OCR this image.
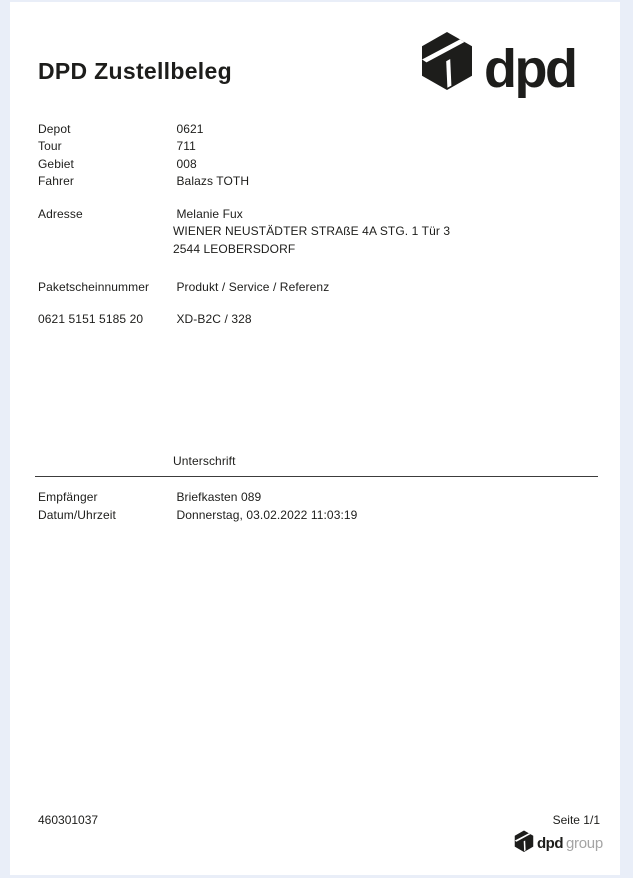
DPD Zustellbeleg	dpd
Depot	0621
Tour	711
Gebiet	008
Fahrer	Balazs TOTH
Adresse	Melanie Fux
WIENER NEUSTÄDTER STRAßE 4A STG. 1 Tür 3
2544 LEOBERSDORF
Paketscheinnummer Produkt / Service / Referenz
0621 5151 5185 20	XD-B2C / 328
Unterschrift
Empfänger	Briefkasten 089
Datum/Uhrzeit	Donnerstag, 03.02.2022 11:03:19
460301037	Seite 1/1
dpd group
